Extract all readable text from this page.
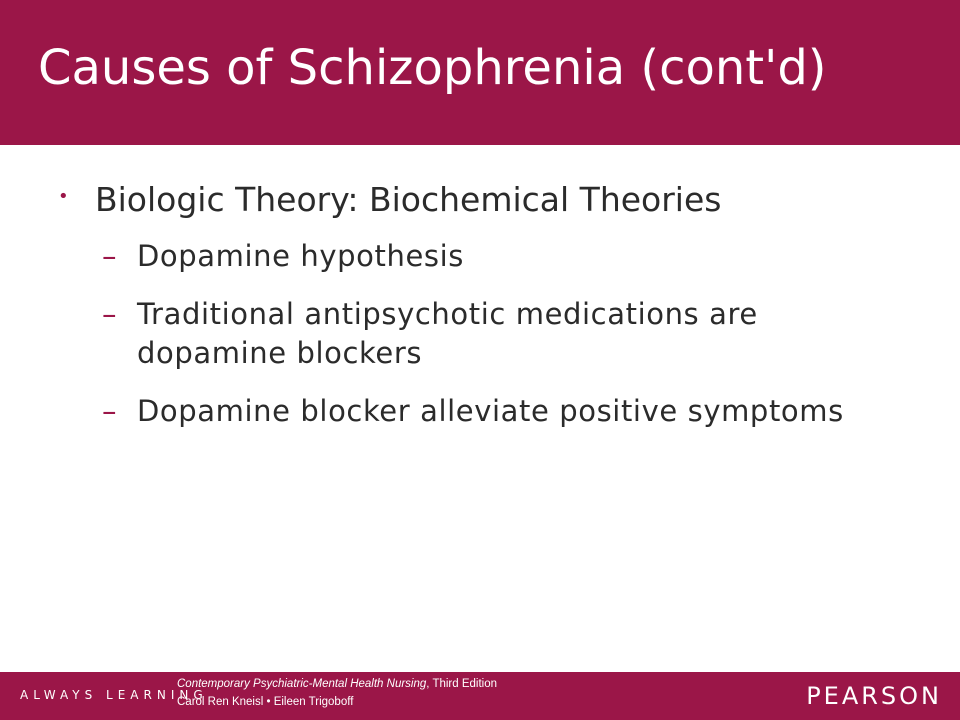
Causes of Schizophrenia (cont'd)
• Biologic Theory: Biochemical Theories
– Dopamine hypothesis
– Traditional antipsychotic medications are dopamine blockers
– Dopamine blocker alleviate positive symptoms
ALWAYS LEARNING
Contemporary Psychiatric-Mental Health Nursing, Third Edition
Carol Ren Kneisl • Eileen Trigoboff	PEARSON
